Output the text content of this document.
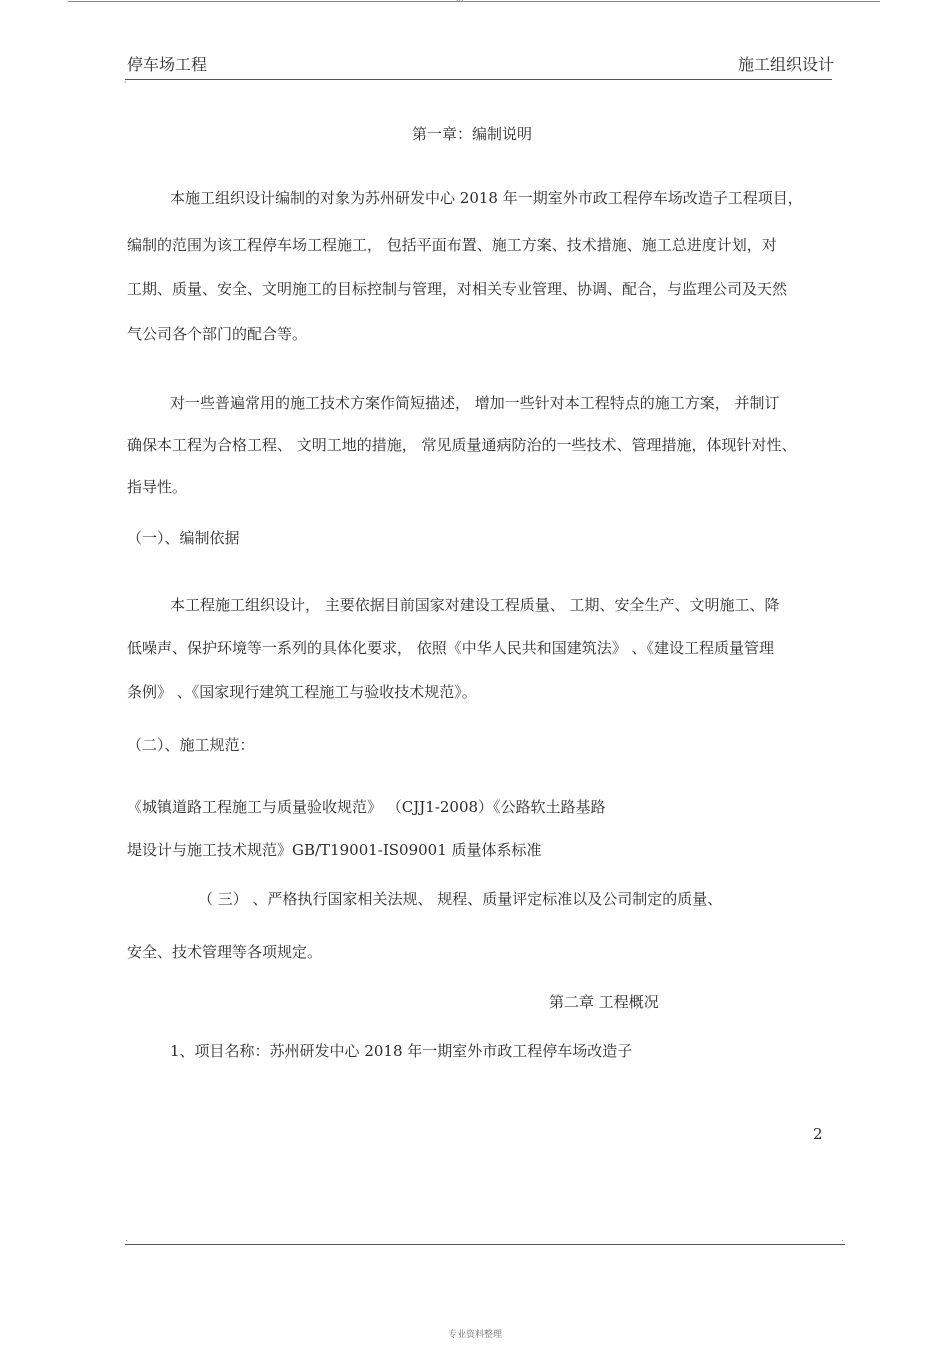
停车场工程	施工组织设计
'
第一章：编制说明
本施工组织设计编制的对象为苏州研发中心 2018 年一期室外市政工程停车场改造子工程项目，
编制的范围为该工程停车场工程施工， 包括平面布置、施工方案、技术措施、施工总进度计划，对
工期、质量、安全、文明施工的目标控制与管理，对相关专业管理、协调、配合，与监理公司及天然
气公司各个部门的配合等。
对一些普遍常用的施工技术方案作简短描述， 增加一些针对本工程特点的施工方案， 并制订
确保本工程为合格工程、 文明工地的措施， 常见质量通病防治的一些技术、管理措施，体现针对性、
指导性。
（一）、编制依据
本工程施工组织设计， 主要依据目前国家对建设工程质量、 工期、安全生产、文明施工、降
低噪声、保护环境等一系列的具体化要求， 依照《中华人民共和国建筑法》 、《建设工程质量管理
条例》 、《国家现行建筑工程施工与验收技术规范》。
（二）、施工规范：
《城镇道路工程施工与质量验收规范》 （CJJ1-2008）《公路软土路基路
堤设计与施工技术规范》GB/T19001-IS09001 质量体系标准
（ 三） 、严格执行国家相关法规、 规程、质量评定标准以及公司制定的质量、
安全、技术管理等各项规定。
第二章 工程概况
1、项目名称：苏州研发中心 2018 年一期室外市政工程停车场改造子
2
.	.
专业资料整理
